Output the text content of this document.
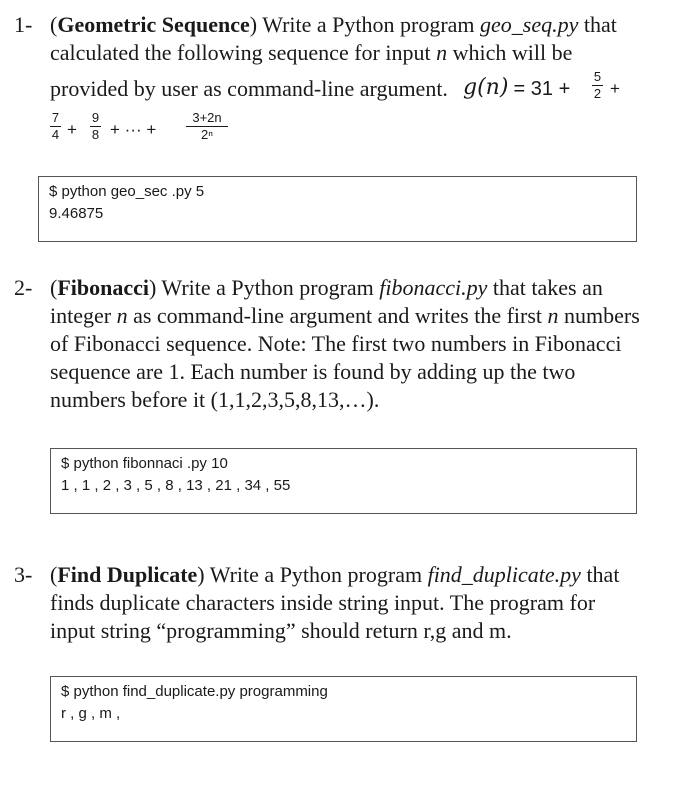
1- (Geometric Sequence) Write a Python program geo_seq.py that
calculated the following sequence for input n which will be
provided by user as command-line argument. g(n) = 31 +
5
2 +
7
4 +
9
8 + ··· +
3+2n
2ⁿ
$ python geo_sec .py 5
9.46875
2- (Fibonacci) Write a Python program fibonacci.py that takes an
integer n as command-line argument and writes the first n numbers
of Fibonacci sequence. Note: The first two numbers in Fibonacci
sequence are 1. Each number is found by adding up the two
numbers before it (1,1,2,3,5,8,13,…).
$ python fibonnaci .py 10
1 , 1 , 2 , 3 , 5 , 8 , 13 , 21 , 34 , 55
3- (Find Duplicate) Write a Python program find_duplicate.py that
finds duplicate characters inside string input. The program for
input string “programming” should return r,g and m.
$ python find_duplicate.py programming
r , g , m ,
